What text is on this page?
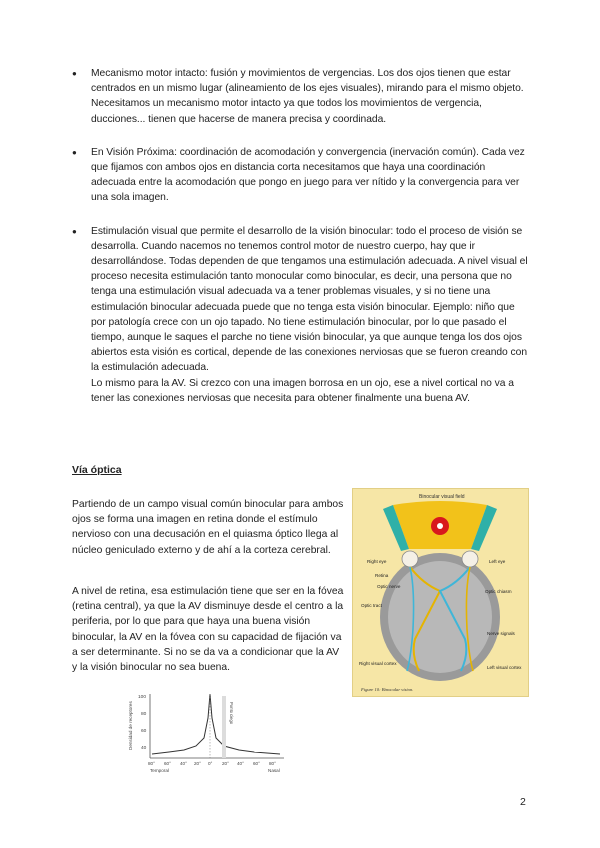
● Mecanismo motor intacto: fusión y movimientos de vergencias. Los dos ojos tienen que estar centrados en un mismo lugar (alineamiento de los ejes visuales), mirando para el mismo objeto. Necesitamos un mecanismo motor intacto ya que todos los movimientos de vergencia, ducciones... tienen que hacerse de manera precisa y coordinada.
● En Visión Próxima: coordinación de acomodación y convergencia (inervación común). Cada vez que fijamos con ambos ojos en distancia corta necesitamos que haya una coordinación adecuada entre la acomodación que pongo en juego para ver nítido y la convergencia para ver una sola imagen.
● Estimulación visual que permite el desarrollo de la visión binocular: todo el proceso de visión se desarrolla. Cuando nacemos no tenemos control motor de nuestro cuerpo, hay que ir desarrollándose. Todas dependen de que tengamos una estimulación adecuada. A nivel visual el proceso necesita estimulación tanto monocular como binocular, es decir, una persona que no tenga una estimulación visual adecuada va a tener problemas visuales, y si no tiene una estimulación binocular adecuada puede que no tenga esta visión binocular. Ejemplo: niño que por patología crece con un ojo tapado. No tiene estimulación binocular, por lo que pasado el tiempo, aunque le saques el parche no tiene visión binocular, ya que aunque tenga los dos ojos abiertos esta visión es cortical, depende de las conexiones nerviosas que se fueron creando con la estimulación adecuada.
Lo mismo para la AV. Si crezco con una imagen borrosa en un ojo, ese a nivel cortical no va a tener las conexiones nerviosas que necesita para obtener finalmente una buena AV.
Vía óptica

Partiendo de un campo visual común binocular para ambos ojos se forma una imagen en retina donde el estímulo nervioso con una decusación en el quiasma óptico llega al núcleo geniculado externo y de ahí a la corteza cerebral.

A nivel de retina, esa estimulación tiene que ser en la fóvea (retina central), ya que la AV disminuye desde el centro a la periferia, por lo que para que haya una buena visión binocular, la AV en la fóvea con su capacidad de fijación va a ser determinante. Si no se da va a condicionar que la AV y la visión binocular no sea buena.

Binocular visual field
Right eye	Left eye
Retina
Optic nerve
Optic chiasm
Optic tract
Nerve signals
Right visual cortex
Left visual cortex
Figure 10: Binocular vision.
Densidad de receptores
100
80
60
40
Punto ciego
80° 60° 40° 20° 0° 20° 40° 60° 80°
Temporal	Nasal
2
